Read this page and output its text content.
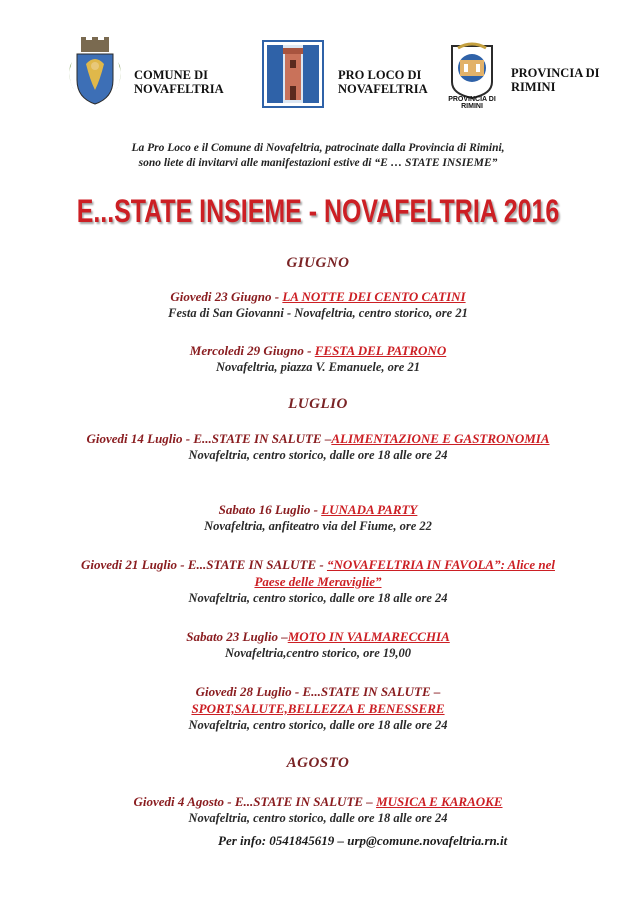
COMUNE DI
NOVAFELTRIA
PRO LOCO DI
NOVAFELTRIA
PROVINCIA DI RIMINI
PROVINCIA DI
RIMINI
La Pro Loco e il Comune di Novafeltria, patrocinate dalla Provincia di Rimini,
sono liete di invitarvi alle manifestazioni estive di “E … STATE INSIEME”
E...STATE INSIEME - NOVAFELTRIA 2016
GIUGNO
Giovedi 23 Giugno - LA NOTTE DEI CENTO CATINI
Festa di San Giovanni - Novafeltria, centro storico, ore 21
Mercoledi 29 Giugno - FESTA DEL PATRONO
Novafeltria, piazza V. Emanuele, ore 21
LUGLIO
Giovedi 14 Luglio - E...STATE IN SALUTE –ALIMENTAZIONE E GASTRONOMIA
Novafeltria, centro storico, dalle ore 18 alle ore 24
Sabato 16 Luglio - LUNADA PARTY
Novafeltria, anfiteatro via del Fiume, ore 22
Giovedi 21 Luglio - E...STATE IN SALUTE - “NOVAFELTRIA IN FAVOLA”: Alice nel Paese delle Meraviglie”
Novafeltria, centro storico, dalle ore 18 alle ore 24
Sabato 23 Luglio –MOTO IN VALMARECCHIA
Novafeltria,centro storico, ore 19,00
Giovedi 28 Luglio - E...STATE IN SALUTE – SPORT,SALUTE,BELLEZZA E BENESSERE
Novafeltria, centro storico, dalle ore 18 alle ore 24
AGOSTO
Giovedi 4 Agosto - E...STATE IN SALUTE – MUSICA E KARAOKE
Novafeltria, centro storico, dalle ore 18 alle ore 24
Per info: 0541845619 – urp@comune.novafeltria.rn.it
